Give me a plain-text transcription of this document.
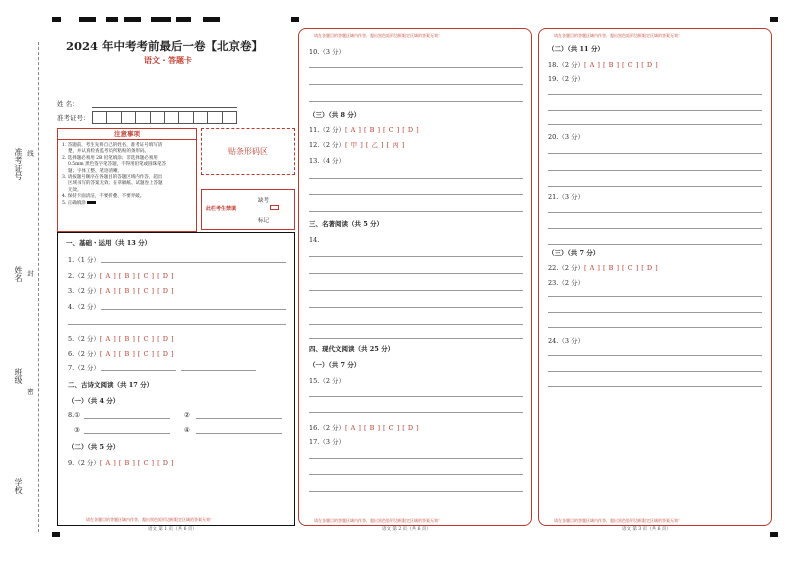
准考证号 线
姓名 封
班级
密
学校
2024 年中考考前最后一卷【北京卷】
语文・答题卡
姓 名：
准考证号：
注意事项
1. 答题前，考生先将自己的姓名，准考证号填写清
楚，并认真检查监考员所粘贴的条形码。
2. 选择题必须用 2B 铅笔填涂；非选择题必须用
0.5mm 黑色签字笔答题，不得用铅笔或圆珠笔答
题；字体工整、笔迹清晰。
3. 请按题号顺序在各题目的答题区域内作答，超出
区域书写的答案无效；在草稿纸、试题卷上答题
无效。
4. 保持卡面清洁，不要折叠、不要弄破。
5. 正确填涂
贴条形码区
此栏考生禁填
缺考
标记
一、基础・运用（共 13 分）
1.（1 分）
2.（2 分）[ A ] [ B ] [ C ] [ D ]
3.（2 分）[ A ] [ B ] [ C ] [ D ]
4.（2 分）
5.（2 分）[ A ] [ B ] [ C ] [ D ]
6.（2 分）[ A ] [ B ] [ C ] [ D ]
7.（2 分）
二、古诗文阅读（共 17 分）
（一）（共 4 分）
8.①	②
③	④
（二）（共 5 分）
9.（2 分）[ A ] [ B ] [ C ] [ D ]
请在各题目的答题区域内作答，超出黑色矩形边框限定区域的答案无效！
语文 第 1 页（共 6 页）
请在各题目的答题区域内作答，超出黑色矩形边框限定区域的答案无效！
请在各题目的答题区域内作答，超出黑色矩形边框限定区域的答案无效！
语文 第 2 页（共 6 页）
10.（3 分）
（三）（共 8 分）
11.（2 分）[ A ] [ B ] [ C ] [ D ]
12.（2 分）[ 甲 ] [ 乙 ] [ 丙 ]
13.（4 分）
三、名著阅读（共 5 分）
14.
四、现代文阅读（共 25 分）
（一）（共 7 分）
15.（2 分）
16.（2 分）[ A ] [ B ] [ C ] [ D ]
17.（3 分）
请在各题目的答题区域内作答，超出黑色矩形边框限定区域的答案无效！
请在各题目的答题区域内作答，超出黑色矩形边框限定区域的答案无效！
语文 第 3 页（共 6 页）
（二）（共 11 分）
18.（2 分）[ A ] [ B ] [ C ] [ D ]
19.（2 分）
20.（3 分）
21.（3 分）
（三）（共 7 分）
22.（2 分）[ A ] [ B ] [ C ] [ D ]
23.（2 分）
24.（3 分）
